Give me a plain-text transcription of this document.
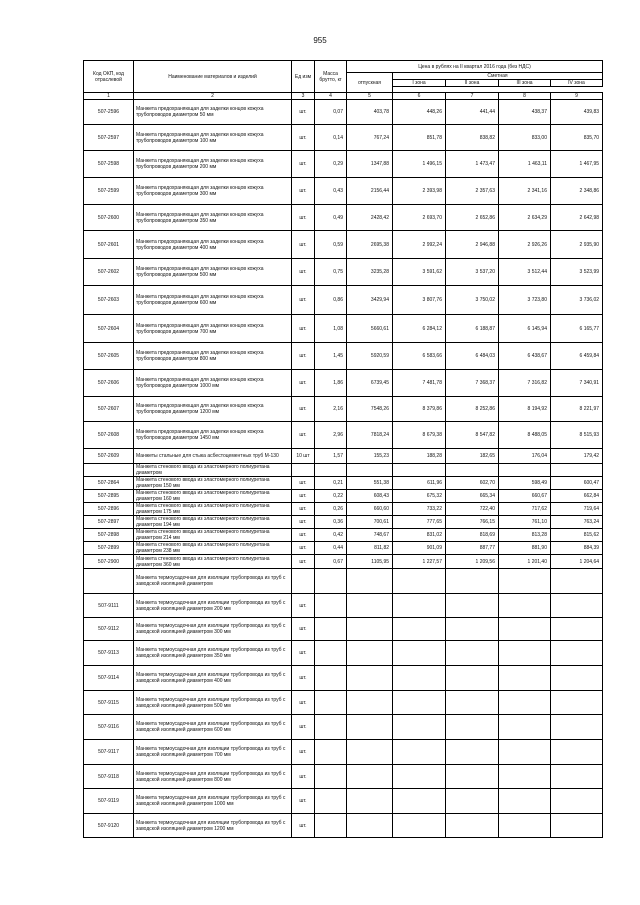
955
Код ОКП, код отраслевой	Наименование материалов и изделий	Ед изм	Масса брутто, кг	Цена в рублях на II квартал 2016 года (без НДС)				
				отпускная	Сметная			
					I зона	II зона	III зона	IV зона

1	2	3	4	5	6	7	8	9
507-2596	Манжета предохраняющая для заделки концов кожуха трубопроводов диаметром 50 мм	шт.	0,07	403,78	448,26	441,44	438,37	439,83
507-2597	Манжета предохраняющая для заделки концов кожуха трубопроводов диаметром 100 мм	шт.	0,14	767,24	851,78	838,82	833,00	835,70
507-2598	Манжета предохраняющая для заделки концов кожуха трубопроводов диаметром 200 мм	шт.	0,29	1347,88	1 496,15	1 473,47	1 463,11	1 467,95
507-2599	Манжета предохраняющая для заделки концов кожуха трубопроводов диаметром 300 мм	шт.	0,43	2156,44	2 393,98	2 357,63	2 341,16	2 348,86
507-2600	Манжета предохраняющая для заделки концов кожуха трубопроводов диаметром 350 мм	шт.	0,49	2428,42	2 693,70	2 652,86	2 634,29	2 642,98
507-2601	Манжета предохраняющая для заделки концов кожуха трубопроводов диаметром 400 мм	шт.	0,59	2695,38	2 992,24	2 946,88	2 926,26	2 935,90
507-2602	Манжета предохраняющая для заделки концов кожуха трубопроводов диаметром 500 мм	шт.	0,75	3235,28	3 591,62	3 537,20	3 512,44	3 523,99
507-2603	Манжета предохраняющая для заделки концов кожуха трубопроводов диаметром 600 мм	шт.	0,86	3429,94	3 807,76	3 750,02	3 723,80	3 736,02
507-2604	Манжета предохраняющая для заделки концов кожуха трубопроводов диаметром 700 мм	шт.	1,08	5660,61	6 284,12	6 188,87	6 145,94	6 165,77
507-2605	Манжета предохраняющая для заделки концов кожуха трубопроводов диаметром 800 мм	шт.	1,45	5920,59	6 583,66	6 484,03	6 438,67	6 459,84
507-2606	Манжета предохраняющая для заделки концов кожуха трубопроводов диаметром 1000 мм	шт.	1,86	6739,45	7 481,78	7 368,37	7 316,82	7 340,91
507-2607	Манжета предохраняющая для заделки концов кожуха трубопроводов диаметром 1200 мм	шт.	2,16	7548,26	8 379,86	8 252,86	8 194,92	8 221,97
507-2608	Манжета предохраняющая для заделки концов кожуха трубопроводов диаметром 1450 мм	шт.	2,96	7818,24	8 679,38	8 547,82	8 488,05	8 515,93
507-2609	Манжеты стальные для стыка асбестоцементных труб М-130	10 шт	1,57	155,23	188,28	182,65	176,04	179,42
	Манжета стенового ввода из эластомерного полиуретана диаметром							
507-2864	Манжета стенового ввода из эластомерного полиуретана диаметром 150 мм	шт.	0,21	551,38	611,96	602,70	598,49	600,47
507-2895	Манжета стенового ввода из эластомерного полиуретана диаметром 160 мм	шт.	0,22	608,43	675,32	665,34	660,67	662,84
507-2896	Манжета стенового ввода из эластомерного полиуретана диаметром 175 мм	шт.	0,26	660,60	733,22	722,40	717,62	719,64
507-2897	Манжета стенового ввода из эластомерного полиуретана диаметром 194 мм	шт.	0,36	700,61	777,65	766,15	761,10	763,24
507-2898	Манжета стенового ввода из эластомерного полиуретана диаметром 214 мм	шт.	0,42	748,67	831,02	818,69	813,28	815,62
507-2899	Манжета стенового ввода из эластомерного полиуретана диаметром 238 мм	шт.	0,44	811,82	901,09	887,77	881,90	884,39
507-2900	Манжета стенового ввода из эластомерного полиуретана диаметром 360 мм	шт.	0,67	1105,95	1 227,57	1 209,56	1 201,40	1 204,64
	Манжета термоусадочная для изоляции трубопровода из труб с заводской изоляцией диаметром							
507-9111	Манжета термоусадочная для изоляции трубопровода из труб с заводской изоляцией диаметром 200 мм	шт.						
507-9112	Манжета термоусадочная для изоляции трубопровода из труб с заводской изоляцией диаметром 300 мм	шт.						
507-9113	Манжета термоусадочная для изоляции трубопровода из труб с заводской изоляцией диаметром 350 мм	шт.						
507-9114	Манжета термоусадочная для изоляции трубопровода из труб с заводской изоляцией диаметром 400 мм	шт.						
507-9115	Манжета термоусадочная для изоляции трубопровода из труб с заводской изоляцией диаметром 500 мм	шт.						
507-9116	Манжета термоусадочная для изоляции трубопровода из труб с заводской изоляцией диаметром 600 мм	шт.						
507-9117	Манжета термоусадочная для изоляции трубопровода из труб с заводской изоляцией диаметром 700 мм	шт.						
507-9118	Манжета термоусадочная для изоляции трубопровода из труб с заводской изоляцией диаметром 800 мм	шт.						
507-9119	Манжета термоусадочная для изоляции трубопровода из труб с заводской изоляцией диаметром 1000 мм	шт.						
507-9120	Манжета термоусадочная для изоляции трубопровода из труб с заводской изоляцией диаметром 1200 мм	шт.						
